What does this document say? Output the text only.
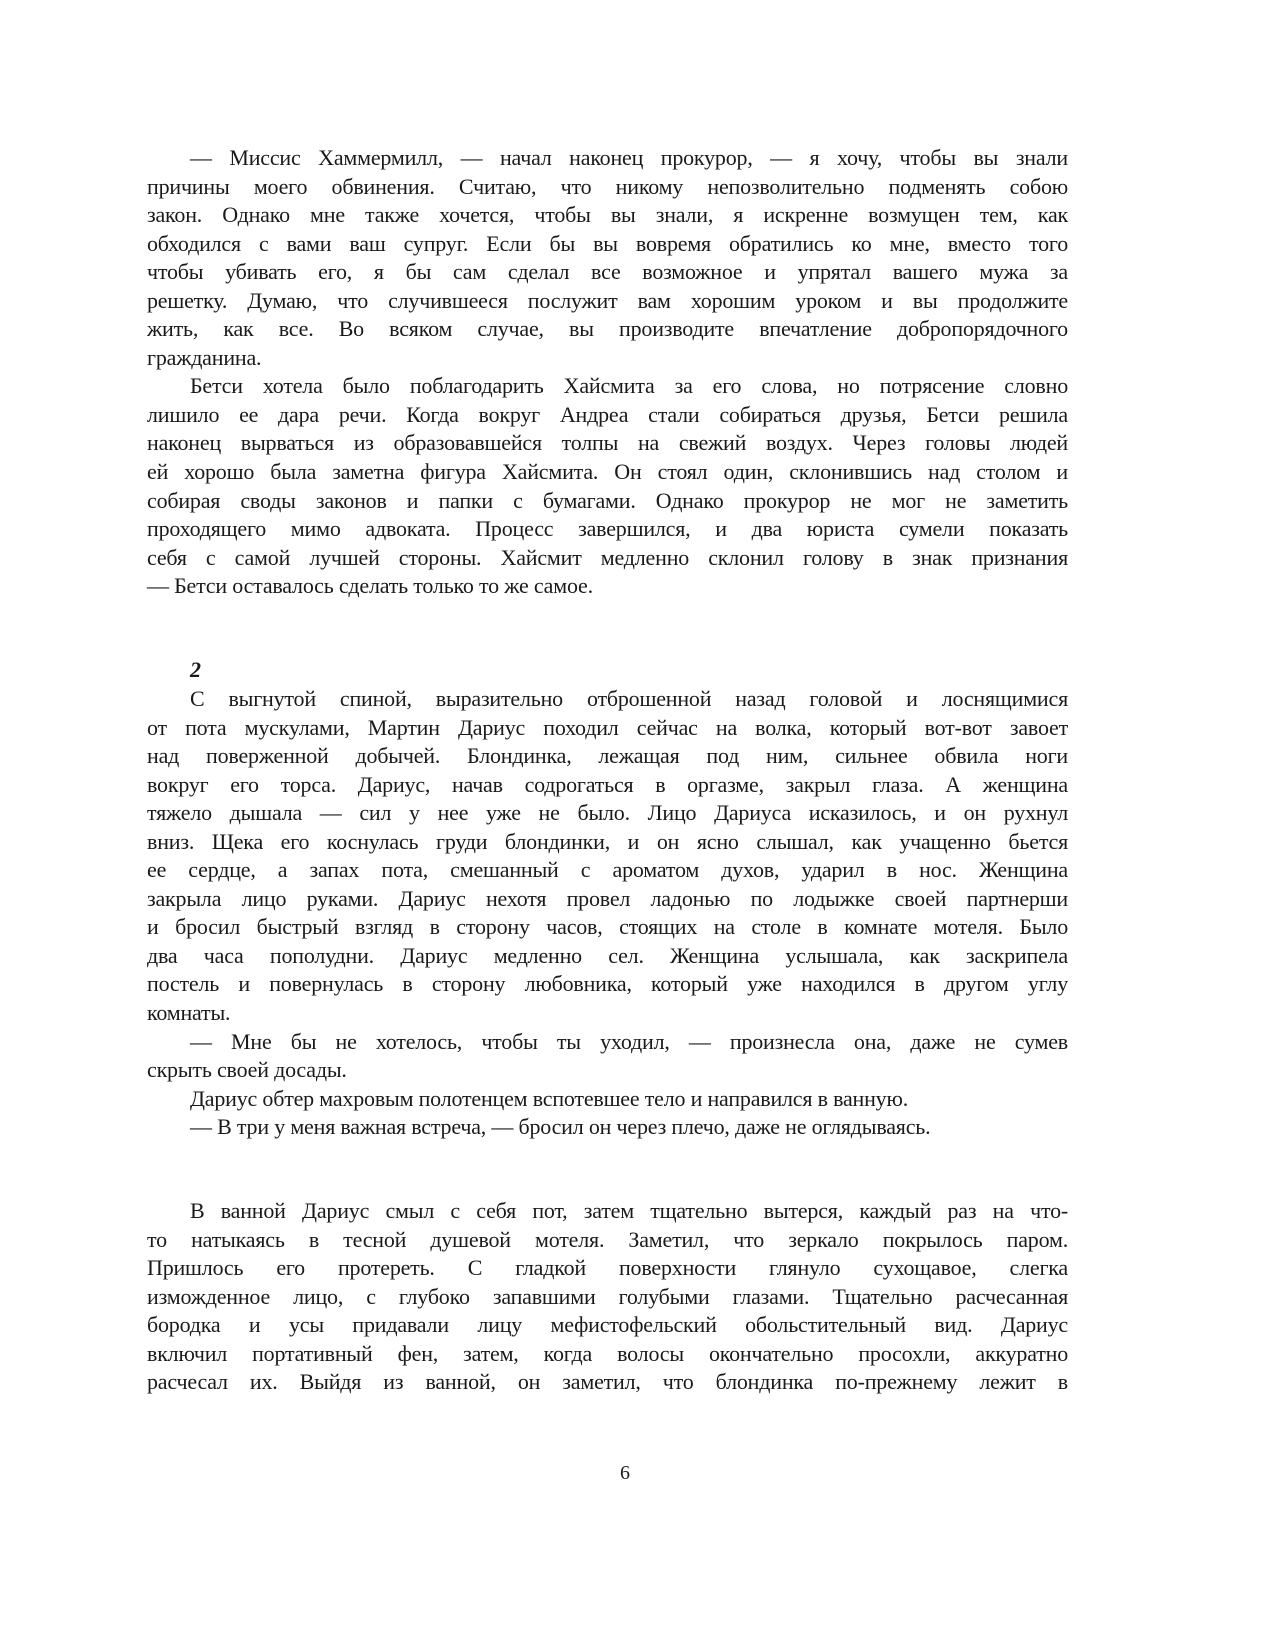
— Миссис Хаммермилл, — начал наконец прокурор, — я хочу, чтобы вы знали
причины моего обвинения. Считаю, что никому непозволительно подменять собою
закон. Однако мне также хочется, чтобы вы знали, я искренне возмущен тем, как
обходился с вами ваш супруг. Если бы вы вовремя обратились ко мне, вместо того
чтобы убивать его, я бы сам сделал все возможное и упрятал вашего мужа за
решетку. Думаю, что случившееся послужит вам хорошим уроком и вы продолжите
жить, как все. Во всяком случае, вы производите впечатление добропорядочного
гражданина.
Бетси хотела было поблагодарить Хайсмита за его слова, но потрясение словно
лишило ее дара речи. Когда вокруг Андреа стали собираться друзья, Бетси решила
наконец вырваться из образовавшейся толпы на свежий воздух. Через головы людей
ей хорошо была заметна фигура Хайсмита. Он стоял один, склонившись над столом и
собирая своды законов и папки с бумагами. Однако прокурор не мог не заметить
проходящего мимо адвоката. Процесс завершился, и два юриста сумели показать
себя с самой лучшей стороны. Хайсмит медленно склонил голову в знак признания
— Бетси оставалось сделать только то же самое.
2
С выгнутой спиной, выразительно отброшенной назад головой и лоснящимися
от пота мускулами, Мартин Дариус походил сейчас на волка, который вот-вот завоет
над поверженной добычей. Блондинка, лежащая под ним, сильнее обвила ноги
вокруг его торса. Дариус, начав содрогаться в оргазме, закрыл глаза. А женщина
тяжело дышала — сил у нее уже не было. Лицо Дариуса исказилось, и он рухнул
вниз. Щека его коснулась груди блондинки, и он ясно слышал, как учащенно бьется
ее сердце, а запах пота, смешанный с ароматом духов, ударил в нос. Женщина
закрыла лицо руками. Дариус нехотя провел ладонью по лодыжке своей партнерши
и бросил быстрый взгляд в сторону часов, стоящих на столе в комнате мотеля. Было
два часа пополудни. Дариус медленно сел. Женщина услышала, как заскрипела
постель и повернулась в сторону любовника, который уже находился в другом углу
комнаты.
— Мне бы не хотелось, чтобы ты уходил, — произнесла она, даже не сумев
скрыть своей досады.
Дариус обтер махровым полотенцем вспотевшее тело и направился в ванную.
— В три у меня важная встреча, — бросил он через плечо, даже не оглядываясь.
В ванной Дариус смыл с себя пот, затем тщательно вытерся, каждый раз на что-
то натыкаясь в тесной душевой мотеля. Заметил, что зеркало покрылось паром.
Пришлось его протереть. С гладкой поверхности глянуло сухощавое, слегка
изможденное лицо, с глубоко запавшими голубыми глазами. Тщательно расчесанная
бородка и усы придавали лицу мефистофельский обольстительный вид. Дариус
включил портативный фен, затем, когда волосы окончательно просохли, аккуратно
расчесал их. Выйдя из ванной, он заметил, что блондинка по-прежнему лежит в
6
